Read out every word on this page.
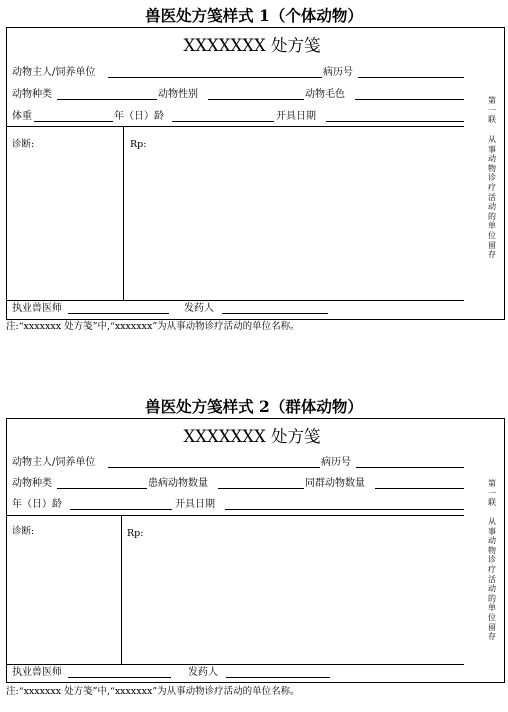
兽医处方笺样式 1（个体动物）
XXXXXXX 处方笺
动物主人/饲养单位	病历号
动物种类	动物性别	动物毛色
体重	年（日）龄	开具日期
诊断:	Rp:
执业兽医师	发药人
第一联
从事动物诊疗活动的单位留存
注:“xxxxxxx 处方笺”中,“xxxxxxx”为从事动物诊疗活动的单位名称。
兽医处方笺样式 2（群体动物）
XXXXXXX 处方笺
动物主人/饲养单位	病历号
动物种类	患病动物数量	同群动物数量
年（日）龄	开具日期
诊断:	Rp:
执业兽医师	发药人
第一联
从事动物诊疗活动的单位留存
注:“xxxxxxx 处方笺”中,“xxxxxxx”为从事动物诊疗活动的单位名称。
